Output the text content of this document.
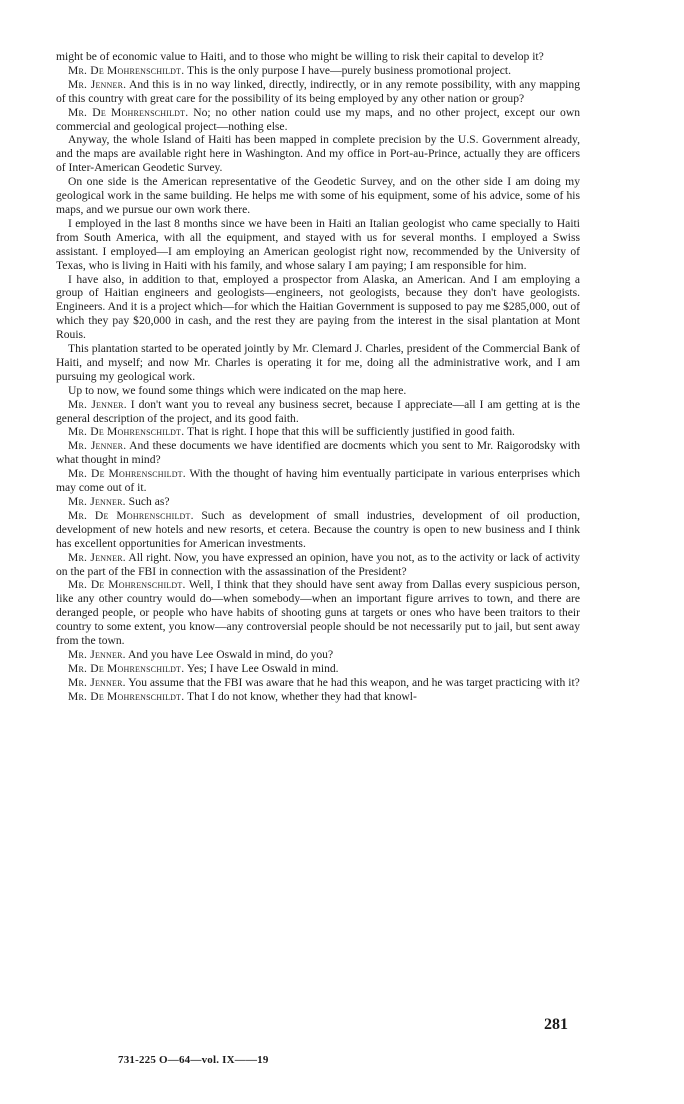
might be of economic value to Haiti, and to those who might be willing to risk their capital to develop it?

Mr. De Mohrenschildt. This is the only purpose I have—purely business promotional project.

Mr. Jenner. And this is in no way linked, directly, indirectly, or in any remote possibility, with any mapping of this country with great care for the possibility of its being employed by any other nation or group?

Mr. De Mohrenschildt. No; no other nation could use my maps, and no other project, except our own commercial and geological project—nothing else.

Anyway, the whole Island of Haiti has been mapped in complete precision by the U.S. Government already, and the maps are available right here in Washington. And my office in Port-au-Prince, actually they are officers of Inter-American Geodetic Survey.

On one side is the American representative of the Geodetic Survey, and on the other side I am doing my geological work in the same building. He helps me with some of his equipment, some of his advice, some of his maps, and we pursue our own work there.

I employed in the last 8 months since we have been in Haiti an Italian geologist who came specially to Haiti from South America, with all the equipment, and stayed with us for several months. I employed a Swiss assistant. I employed—I am employing an American geologist right now, recommended by the University of Texas, who is living in Haiti with his family, and whose salary I am paying; I am responsible for him.

I have also, in addition to that, employed a prospector from Alaska, an American. And I am employing a group of Haitian engineers and geologists—engineers, not geologists, because they don't have geologists. Engineers. And it is a project which—for which the Haitian Government is supposed to pay me $285,000, out of which they pay $20,000 in cash, and the rest they are paying from the interest in the sisal plantation at Mont Rouis.

This plantation started to be operated jointly by Mr. Clemard J. Charles, president of the Commercial Bank of Haiti, and myself; and now Mr. Charles is operating it for me, doing all the administrative work, and I am pursuing my geological work.

Up to now, we found some things which were indicated on the map here.

Mr. Jenner. I don't want you to reveal any business secret, because I appreciate—all I am getting at is the general description of the project, and its good faith.

Mr. De Mohrenschildt. That is right. I hope that this will be sufficiently justified in good faith.

Mr. Jenner. And these documents we have identified are docments which you sent to Mr. Raigorodsky with what thought in mind?

Mr. De Mohrenschildt. With the thought of having him eventually participate in various enterprises which may come out of it.

Mr. Jenner. Such as?

Mr. De Mohrenschildt. Such as development of small industries, development of oil production, development of new hotels and new resorts, et cetera. Because the country is open to new business and I think has excellent opportunities for American investments.

Mr. Jenner. All right. Now, you have expressed an opinion, have you not, as to the activity or lack of activity on the part of the FBI in connection with the assassination of the President?

Mr. De Mohrenschildt. Well, I think that they should have sent away from Dallas every suspicious person, like any other country would do—when somebody—when an important figure arrives to town, and there are deranged people, or people who have habits of shooting guns at targets or ones who have been traitors to their country to some extent, you know—any controversial people should be not necessarily put to jail, but sent away from the town.

Mr. Jenner. And you have Lee Oswald in mind, do you?

Mr. De Mohrenschildt. Yes; I have Lee Oswald in mind.

Mr. Jenner. You assume that the FBI was aware that he had this weapon, and he was target practicing with it?

Mr. De Mohrenschildt. That I do not know, whether they had that knowl-

281
731-225 O—64—vol. IX——19
